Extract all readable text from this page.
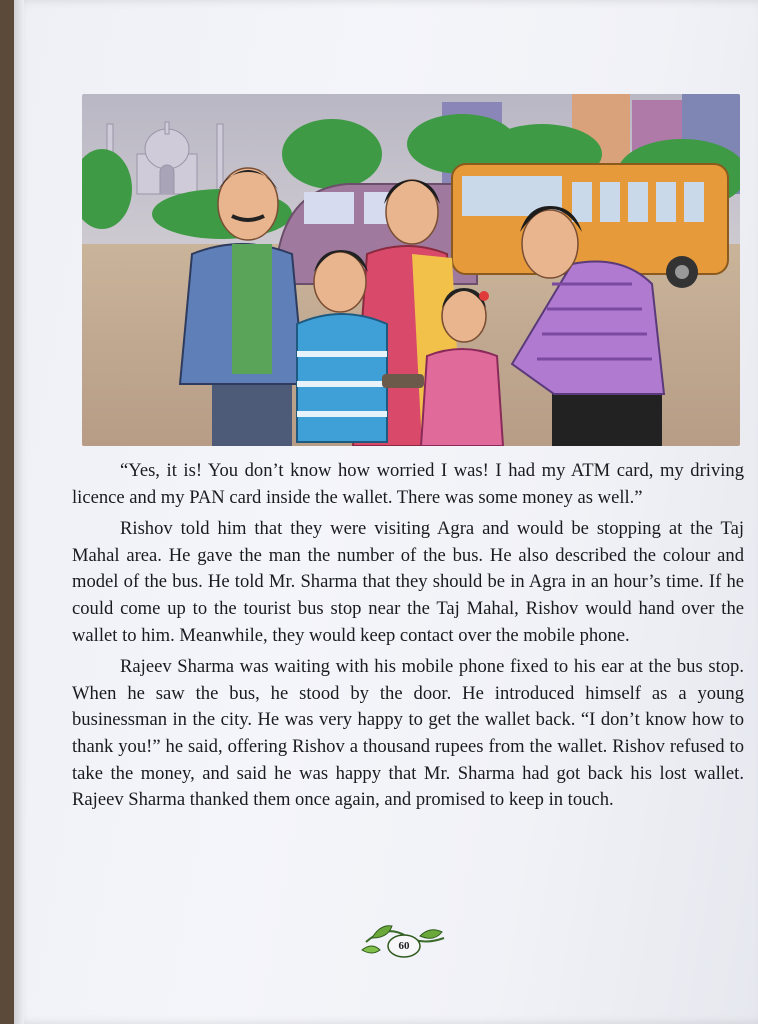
“Yes, it is! You don’t know how worried I was! I had my ATM card, my driving licence and my PAN card inside the wallet. There was some money as well.”

Rishov told him that they were visiting Agra and would be stopping at the Taj Mahal area. He gave the man the number of the bus. He also described the colour and model of the bus. He told Mr. Sharma that they should be in Agra in an hour’s time. If he could come up to the tourist bus stop near the Taj Mahal, Rishov would hand over the wallet to him. Meanwhile, they would keep contact over the mobile phone.

Rajeev Sharma was waiting with his mobile phone fixed to his ear at the bus stop. When he saw the bus, he stood by the door. He introduced himself as a young businessman in the city. He was very happy to get the wallet back. “I don’t know how to thank you!” he said, offering Rishov a thousand rupees from the wallet. Rishov refused to take the money, and said he was happy that Mr. Sharma had got back his lost wallet. Rajeev Sharma thanked them once again, and promised to keep in touch.

60
